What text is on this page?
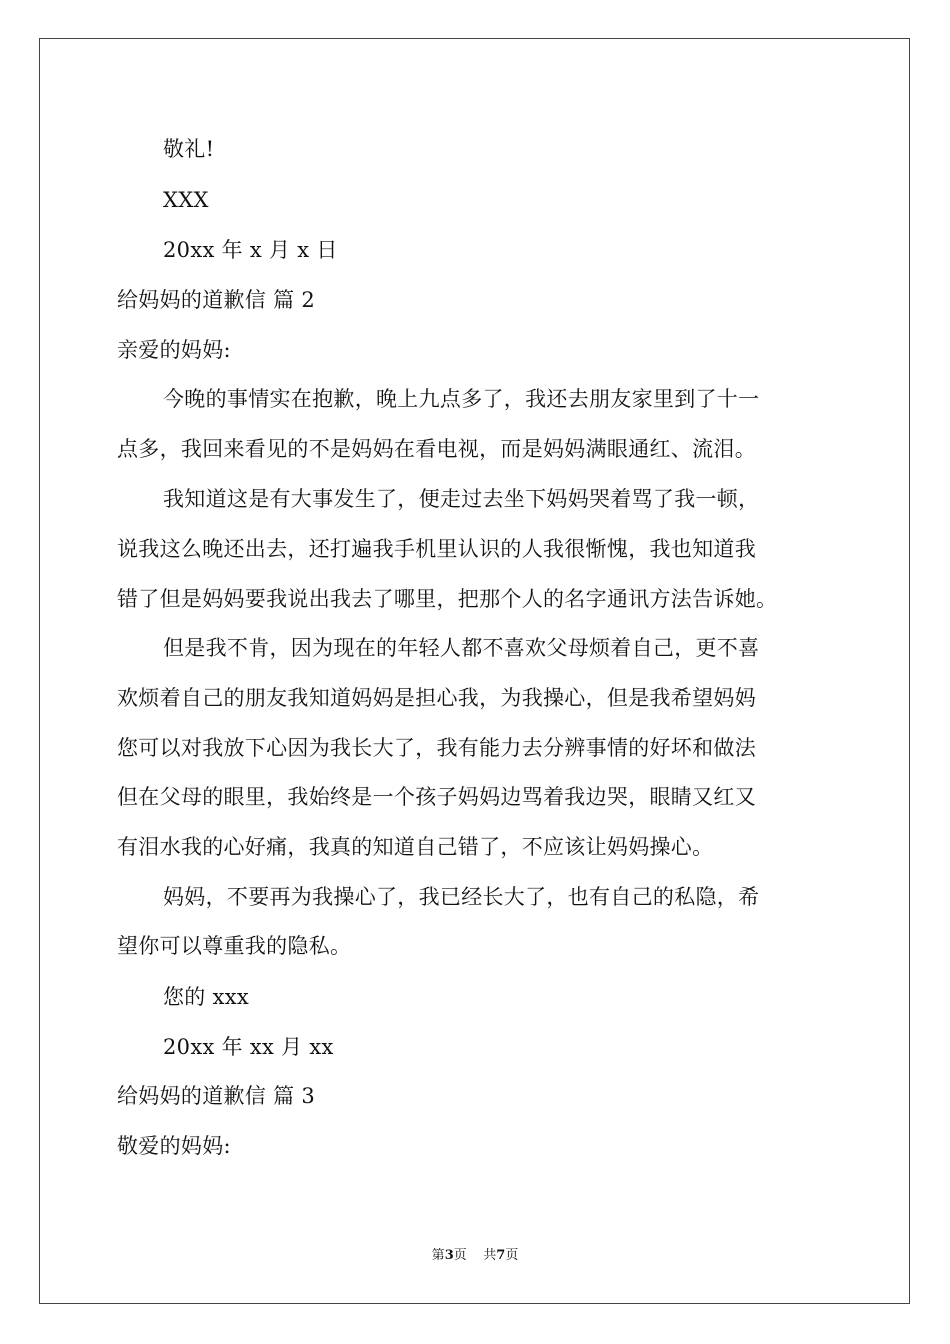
敬礼!
XXX
20xx 年 x 月 x 日
给妈妈的道歉信 篇 2
亲爱的妈妈:
今晚的事情实在抱歉，晚上九点多了，我还去朋友家里到了十一
点多，我回来看见的不是妈妈在看电视，而是妈妈满眼通红、流泪。
我知道这是有大事发生了，便走过去坐下妈妈哭着骂了我一顿，
说我这么晚还出去，还打遍我手机里认识的人我很惭愧，我也知道我
错了但是妈妈要我说出我去了哪里，把那个人的名字通讯方法告诉她。
但是我不肯，因为现在的年轻人都不喜欢父母烦着自己，更不喜
欢烦着自己的朋友我知道妈妈是担心我，为我操心，但是我希望妈妈
您可以对我放下心因为我长大了，我有能力去分辨事情的好坏和做法
但在父母的眼里，我始终是一个孩子妈妈边骂着我边哭，眼睛又红又
有泪水我的心好痛，我真的知道自己错了，不应该让妈妈操心。
妈妈，不要再为我操心了，我已经长大了，也有自己的私隐，希
望你可以尊重我的隐私。
您的 xxx
20xx 年 xx 月 xx
给妈妈的道歉信 篇 3
敬爱的妈妈:
第3页    共7页
